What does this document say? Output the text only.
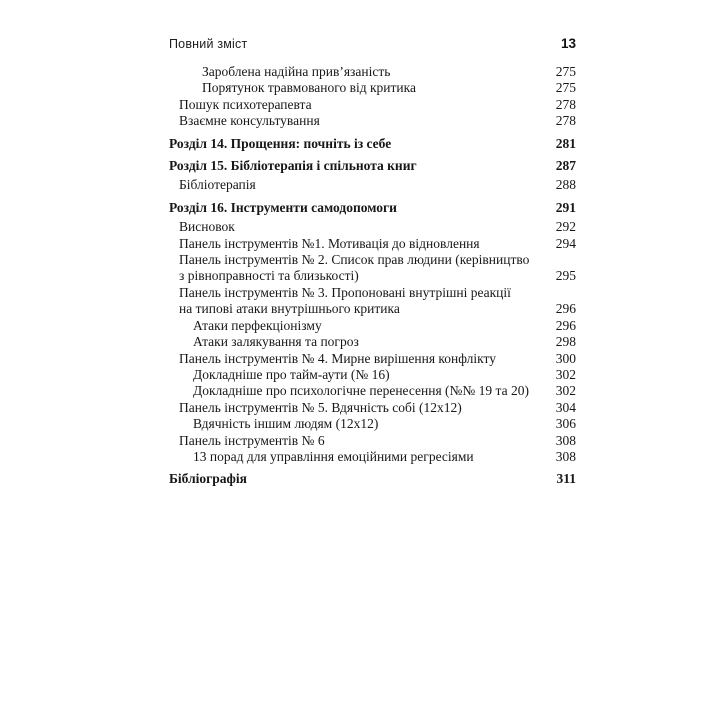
Повний зміст	13
Зароблена надійна прив’язаність	275
Порятунок травмованого від критика	275
Пошук психотерапевта	278
Взаємне консультування	278
Розділ 14. Прощення: почніть із себе	281
Розділ 15. Бібліотерапія і спільнота книг	287
Бібліотерапія	288
Розділ 16. Інструменти самодопомоги	291
Висновок	292
Панель інструментів №1. Мотивація до відновлення	294
Панель інструментів № 2. Список прав людини (керівництво
з рівноправності та близькості)	295
Панель інструментів № 3. Пропоновані внутрішні реакції
на типові атаки внутрішнього критика	296
Атаки перфекціонізму	296
Атаки залякування та погроз	298
Панель інструментів № 4. Мирне вирішення конфлікту	300
Докладніше про тайм-аути (№ 16)	302
Докладніше про психологічне перенесення (№№ 19 та 20)	302
Панель інструментів № 5. Вдячність собі (12x12)	304
Вдячність іншим людям (12x12)	306
Панель інструментів № 6	308
13 порад для управління емоційними регресіями	308
Бібліографія	311
